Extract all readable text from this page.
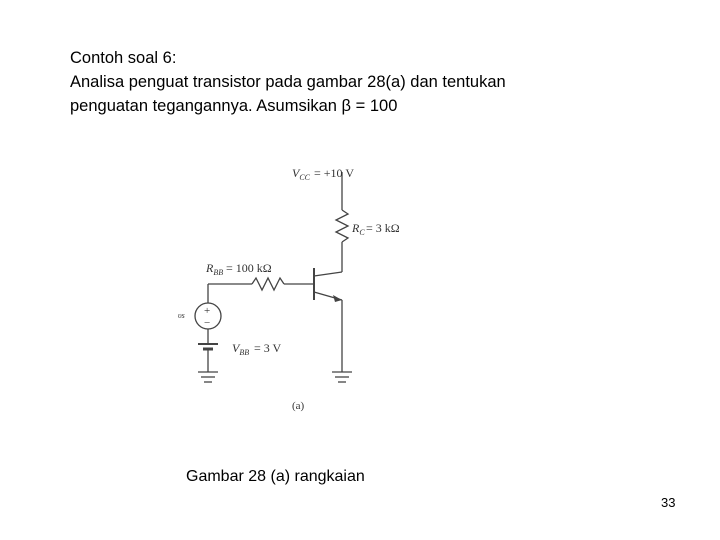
Contoh soal 6:
Analisa penguat transistor pada gambar 28(a) dan tentukan
penguatan tegangannya. Asumsikan β = 100
$V_{CC} = +10$ V
$R_C = 3$ kΩ
$R_{BB} = 100$ kΩ
υs +
−
$V_{BB} = 3$ V
(a)
Gambar 28 (a) rangkaian
33
